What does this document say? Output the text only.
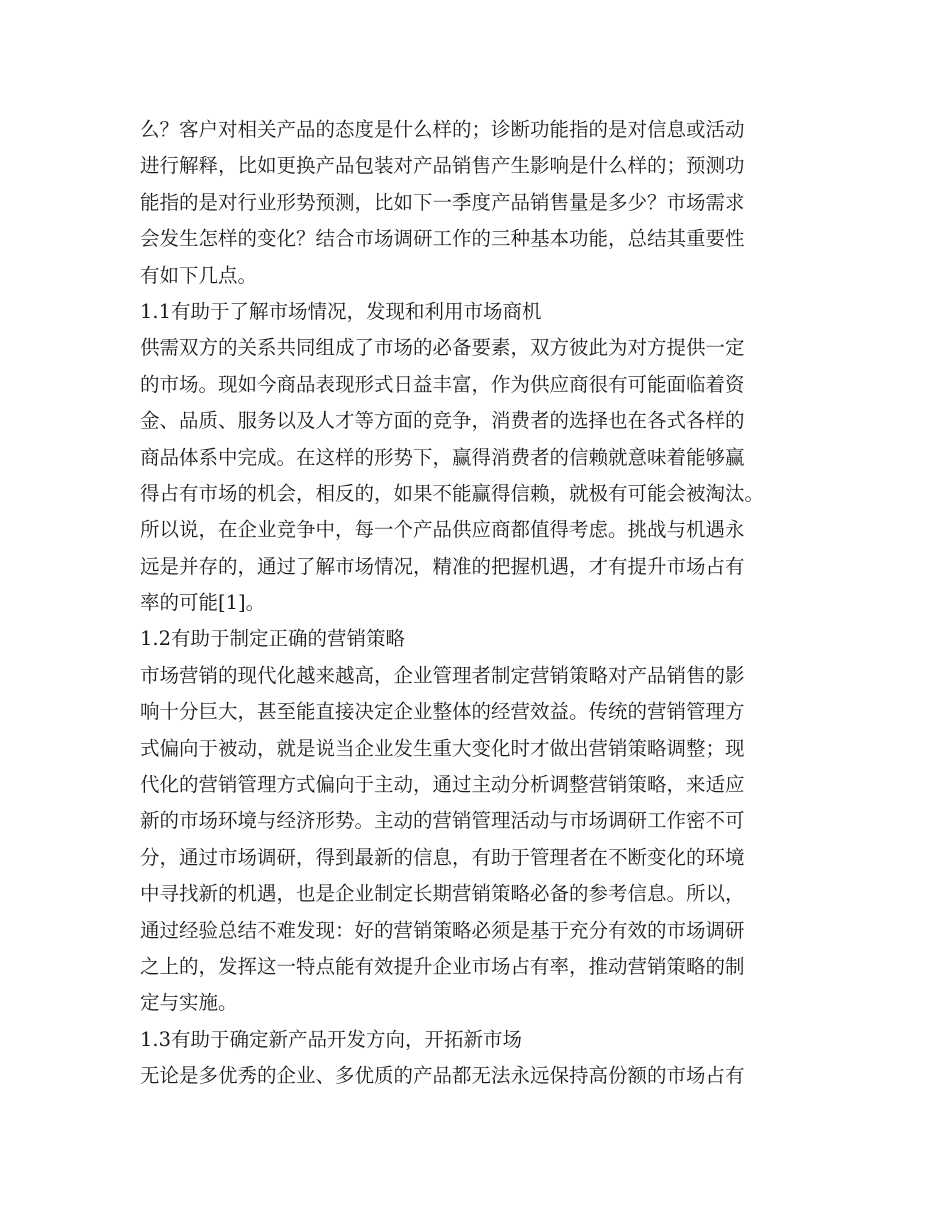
么？客户对相关产品的态度是什么样的；诊断功能指的是对信息或活动
进行解释，比如更换产品包装对产品销售产生影响是什么样的；预测功
能指的是对行业形势预测，比如下一季度产品销售量是多少？市场需求
会发生怎样的变化？结合市场调研工作的三种基本功能，总结其重要性
有如下几点。
1.1有助于了解市场情况，发现和利用市场商机
供需双方的关系共同组成了市场的必备要素，双方彼此为对方提供一定
的市场。现如今商品表现形式日益丰富，作为供应商很有可能面临着资
金、品质、服务以及人才等方面的竞争，消费者的选择也在各式各样的
商品体系中完成。在这样的形势下，赢得消费者的信赖就意味着能够赢
得占有市场的机会，相反的，如果不能赢得信赖，就极有可能会被淘汰。
所以说，在企业竞争中，每一个产品供应商都值得考虑。挑战与机遇永
远是并存的，通过了解市场情况，精准的把握机遇，才有提升市场占有
率的可能[1]。
1.2有助于制定正确的营销策略
市场营销的现代化越来越高，企业管理者制定营销策略对产品销售的影
响十分巨大，甚至能直接决定企业整体的经营效益。传统的营销管理方
式偏向于被动，就是说当企业发生重大变化时才做出营销策略调整；现
代化的营销管理方式偏向于主动，通过主动分析调整营销策略，来适应
新的市场环境与经济形势。主动的营销管理活动与市场调研工作密不可
分，通过市场调研，得到最新的信息，有助于管理者在不断变化的环境
中寻找新的机遇，也是企业制定长期营销策略必备的参考信息。所以，
通过经验总结不难发现：好的营销策略必须是基于充分有效的市场调研
之上的，发挥这一特点能有效提升企业市场占有率，推动营销策略的制
定与实施。
1.3有助于确定新产品开发方向，开拓新市场
无论是多优秀的企业、多优质的产品都无法永远保持高份额的市场占有
